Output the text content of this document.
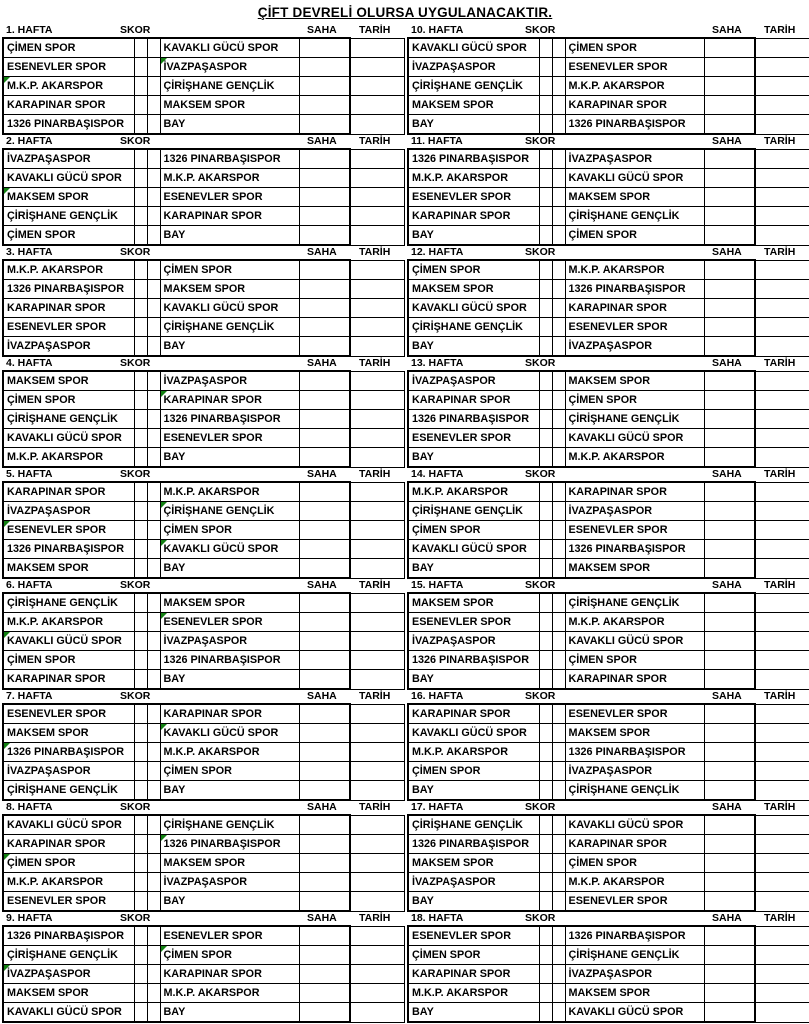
ÇİFT DEVRELİ OLURSA UYGULANACAKTIR.
1. HAFTA	SKOR	SAHA TARİH
ÇİMEN SPOR			KAVAKLI GÜCÜ SPOR		
ESENEVLER SPOR			İVAZPAŞASPOR

M.K.P. AKARSPOR			ÇİRİŞHANE GENÇLİK		
KARAPINAR SPOR			MAKSEM SPOR		
1326 PINARBAŞISPOR			BAY		
2. HAFTA	SKOR	SAHA TARİH
İVAZPAŞASPOR			1326 PINARBAŞISPOR		
KAVAKLI GÜCÜ SPOR			M.K.P. AKARSPOR		
MAKSEM SPOR			ESENEVLER SPOR		
ÇİRİŞHANE GENÇLİK			KARAPINAR SPOR		
ÇİMEN SPOR			BAY		
3. HAFTA	SKOR	SAHA TARİH
M.K.P. AKARSPOR			ÇİMEN SPOR		
1326 PINARBAŞISPOR			MAKSEM SPOR		
KARAPINAR SPOR			KAVAKLI GÜCÜ SPOR		
ESENEVLER SPOR			ÇİRİŞHANE GENÇLİK		
İVAZPAŞASPOR			BAY		
4. HAFTA	SKOR	SAHA TARİH
MAKSEM SPOR			İVAZPAŞASPOR		
ÇİMEN SPOR			KARAPINAR SPOR

ÇİRİŞHANE GENÇLİK			1326 PINARBAŞISPOR		
KAVAKLI GÜCÜ SPOR			ESENEVLER SPOR		
M.K.P. AKARSPOR			BAY		
5. HAFTA	SKOR	SAHA TARİH
KARAPINAR SPOR			M.K.P. AKARSPOR		
İVAZPAŞASPOR			ÇİRİŞHANE GENÇLİK

ESENEVLER SPOR			ÇİMEN SPOR		
1326 PINARBAŞISPOR			KAVAKLI GÜCÜ SPOR

MAKSEM SPOR			BAY		
6. HAFTA	SKOR	SAHA TARİH
ÇİRİŞHANE GENÇLİK			MAKSEM SPOR		
M.K.P. AKARSPOR			ESENEVLER SPOR

KAVAKLI GÜCÜ SPOR			İVAZPAŞASPOR		
ÇİMEN SPOR			1326 PINARBAŞISPOR		
KARAPINAR SPOR			BAY		
7. HAFTA	SKOR	SAHA TARİH
ESENEVLER SPOR			KARAPINAR SPOR		
MAKSEM SPOR			KAVAKLI GÜCÜ SPOR

1326 PINARBAŞISPOR			M.K.P. AKARSPOR		
İVAZPAŞASPOR			ÇİMEN SPOR		
ÇİRİŞHANE GENÇLİK			BAY		
8. HAFTA	SKOR	SAHA TARİH
KAVAKLI GÜCÜ SPOR			ÇİRİŞHANE GENÇLİK		
KARAPINAR SPOR			1326 PINARBAŞISPOR

ÇİMEN SPOR			MAKSEM SPOR		
M.K.P. AKARSPOR			İVAZPAŞASPOR		
ESENEVLER SPOR			BAY		
9. HAFTA	SKOR	SAHA TARİH
1326 PINARBAŞISPOR			ESENEVLER SPOR		
ÇİRİŞHANE GENÇLİK			ÇİMEN SPOR

İVAZPAŞASPOR			KARAPINAR SPOR		
MAKSEM SPOR			M.K.P. AKARSPOR		
KAVAKLI GÜCÜ SPOR			BAY		
10. HAFTA	SKOR	SAHA TARİH
KAVAKLI GÜCÜ SPOR			ÇİMEN SPOR		
İVAZPAŞASPOR			ESENEVLER SPOR		
ÇİRİŞHANE GENÇLİK			M.K.P. AKARSPOR		
MAKSEM SPOR			KARAPINAR SPOR		
BAY			1326 PINARBAŞISPOR		
11. HAFTA	SKOR	SAHA TARİH
1326 PINARBAŞISPOR			İVAZPAŞASPOR		
M.K.P. AKARSPOR			KAVAKLI GÜCÜ SPOR		
ESENEVLER SPOR			MAKSEM SPOR		
KARAPINAR SPOR			ÇİRİŞHANE GENÇLİK		
BAY			ÇİMEN SPOR		
12. HAFTA	SKOR	SAHA TARİH
ÇİMEN SPOR			M.K.P. AKARSPOR		
MAKSEM SPOR			1326 PINARBAŞISPOR		
KAVAKLI GÜCÜ SPOR			KARAPINAR SPOR		
ÇİRİŞHANE GENÇLİK			ESENEVLER SPOR		
BAY			İVAZPAŞASPOR		
13. HAFTA	SKOR	SAHA TARİH
İVAZPAŞASPOR			MAKSEM SPOR		
KARAPINAR SPOR			ÇİMEN SPOR		
1326 PINARBAŞISPOR			ÇİRİŞHANE GENÇLİK		
ESENEVLER SPOR			KAVAKLI GÜCÜ SPOR		
BAY			M.K.P. AKARSPOR		
14. HAFTA	SKOR	SAHA TARİH
M.K.P. AKARSPOR			KARAPINAR SPOR		
ÇİRİŞHANE GENÇLİK			İVAZPAŞASPOR		
ÇİMEN SPOR			ESENEVLER SPOR		
KAVAKLI GÜCÜ SPOR			1326 PINARBAŞISPOR		
BAY			MAKSEM SPOR		
15. HAFTA	SKOR	SAHA TARİH
MAKSEM SPOR			ÇİRİŞHANE GENÇLİK		
ESENEVLER SPOR			M.K.P. AKARSPOR		
İVAZPAŞASPOR			KAVAKLI GÜCÜ SPOR		
1326 PINARBAŞISPOR			ÇİMEN SPOR		
BAY			KARAPINAR SPOR		
16. HAFTA	SKOR	SAHA TARİH
KARAPINAR SPOR			ESENEVLER SPOR		
KAVAKLI GÜCÜ SPOR			MAKSEM SPOR		
M.K.P. AKARSPOR			1326 PINARBAŞISPOR		
ÇİMEN SPOR			İVAZPAŞASPOR		
BAY			ÇİRİŞHANE GENÇLİK		
17. HAFTA	SKOR	SAHA TARİH
ÇİRİŞHANE GENÇLİK			KAVAKLI GÜCÜ SPOR		
1326 PINARBAŞISPOR			KARAPINAR SPOR		
MAKSEM SPOR			ÇİMEN SPOR		
İVAZPAŞASPOR			M.K.P. AKARSPOR		
BAY			ESENEVLER SPOR		
18. HAFTA	SKOR	SAHA TARİH
ESENEVLER SPOR			1326 PINARBAŞISPOR		
ÇİMEN SPOR			ÇİRİŞHANE GENÇLİK		
KARAPINAR SPOR			İVAZPAŞASPOR		
M.K.P. AKARSPOR			MAKSEM SPOR		
BAY			KAVAKLI GÜCÜ SPOR		
